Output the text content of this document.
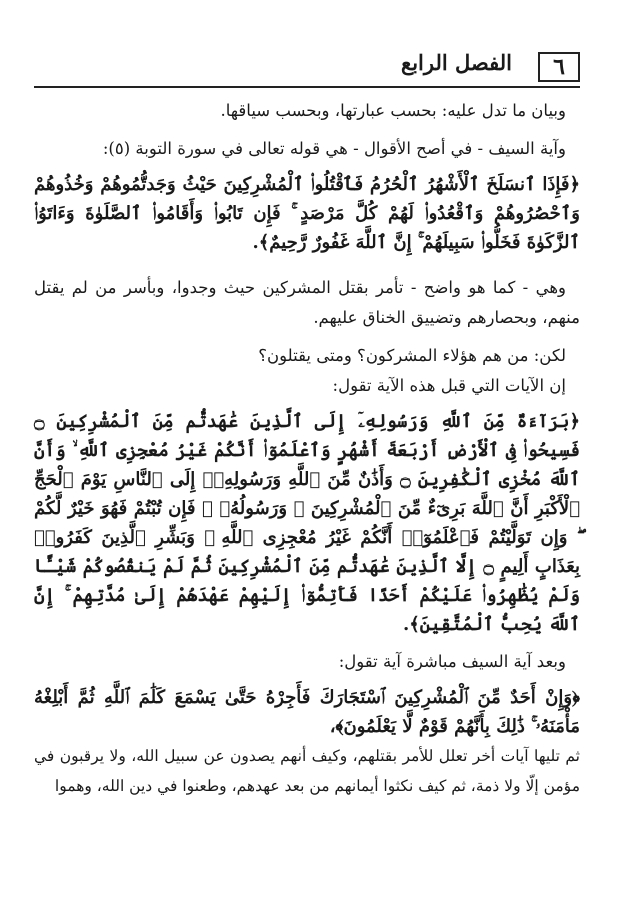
٦
الفصل الرابع

وبيان ما تدل عليه: بحسب عبارتها، وبحسب سياقها.

وآية السيف - في أصح الأقوال - هي قوله تعالى في سورة التوبة (٥):

﴿فَإِذَا ٱنسَلَخَ ٱلْأَشْهُرُ ٱلْحُرُمُ فَٱقْتُلُوا۟ ٱلْمُشْرِكِينَ حَيْثُ وَجَدتُّمُوهُمْ وَخُذُوهُمْ وَٱحْصُرُوهُمْ وَٱقْعُدُوا۟ لَهُمْ كُلَّ مَرْصَدٍ ۚ فَإِن تَابُوا۟ وَأَقَامُوا۟ ٱلصَّلَوٰةَ وَءَاتَوُا۟ ٱلزَّكَوٰةَ فَخَلُّوا۟ سَبِيلَهُمْ ۚ إِنَّ ٱللَّهَ غَفُورٌ رَّحِيمٌ﴾.

وهي - كما هو واضح - تأمر بقتل المشركين حيث وجدوا، وبأسر من لم يقتل منهم، وبحصارهم وتضييق الخناق عليهم.

لكن: من هم هؤلاء المشركون؟ ومتى يقتلون؟

إن الآيات التي قبل هذه الآية تقول:

﴿بَرَآءَةٌ مِّنَ ٱللَّهِ وَرَسُولِهِۦٓ إِلَى ٱلَّذِينَ عَٰهَدتُّم مِّنَ ٱلْمُشْرِكِينَ ۝ فَسِيحُوا۟ فِى ٱلْأَرْضِ أَرْبَعَةَ أَشْهُرٍ وَٱعْلَمُوٓا۟ أَنَّكُمْ غَيْرُ مُعْجِزِى ٱللَّهِ ۙ وَأَنَّ ٱللَّهَ مُخْزِى ٱلْكَٰفِرِينَ ۝ وَأَذَٰنٌ مِّنَ ٱللَّهِ وَرَسُولِهِۦٓ إِلَى ٱلنَّاسِ يَوْمَ ٱلْحَجِّ ٱلْأَكْبَرِ أَنَّ ٱللَّهَ بَرِىٓءٌ مِّنَ ٱلْمُشْرِكِينَ ۙ وَرَسُولُهُۥ ۚ فَإِن تُبْتُمْ فَهُوَ خَيْرٌ لَّكُمْ ۖ وَإِن تَوَلَّيْتُمْ فَٱعْلَمُوٓا۟ أَنَّكُمْ غَيْرُ مُعْجِزِى ٱللَّهِ ۗ وَبَشِّرِ ٱلَّذِينَ كَفَرُوا۟ بِعَذَابٍ أَلِيمٍ ۝ إِلَّا ٱلَّذِينَ عَٰهَدتُّم مِّنَ ٱلْمُشْرِكِينَ ثُمَّ لَمْ يَنقُصُوكُمْ شَيْـًٔا وَلَمْ يُظَٰهِرُوا۟ عَلَيْكُمْ أَحَدًا فَأَتِمُّوٓا۟ إِلَيْهِمْ عَهْدَهُمْ إِلَىٰ مُدَّتِهِمْ ۚ إِنَّ ٱللَّهَ يُحِبُّ ٱلْمُتَّقِينَ﴾.

وبعد آية السيف مباشرة آية تقول:

﴿وَإِنْ أَحَدٌ مِّنَ ٱلْمُشْرِكِينَ ٱسْتَجَارَكَ فَأَجِرْهُ حَتَّىٰ يَسْمَعَ كَلَٰمَ ٱللَّهِ ثُمَّ أَبْلِغْهُ مَأْمَنَهُۥ ۚ ذَٰلِكَ بِأَنَّهُمْ قَوْمٌ لَّا يَعْلَمُونَ﴾،

ثم تليها آيات أخر تعلل للأمر بقتلهم، وكيف أنهم يصدون عن سبيل الله، ولا يرقبون في مؤمن إلّا ولا ذمة، ثم كيف نكثوا أيمانهم من بعد عهدهم، وطعنوا في دين الله، وهموا
